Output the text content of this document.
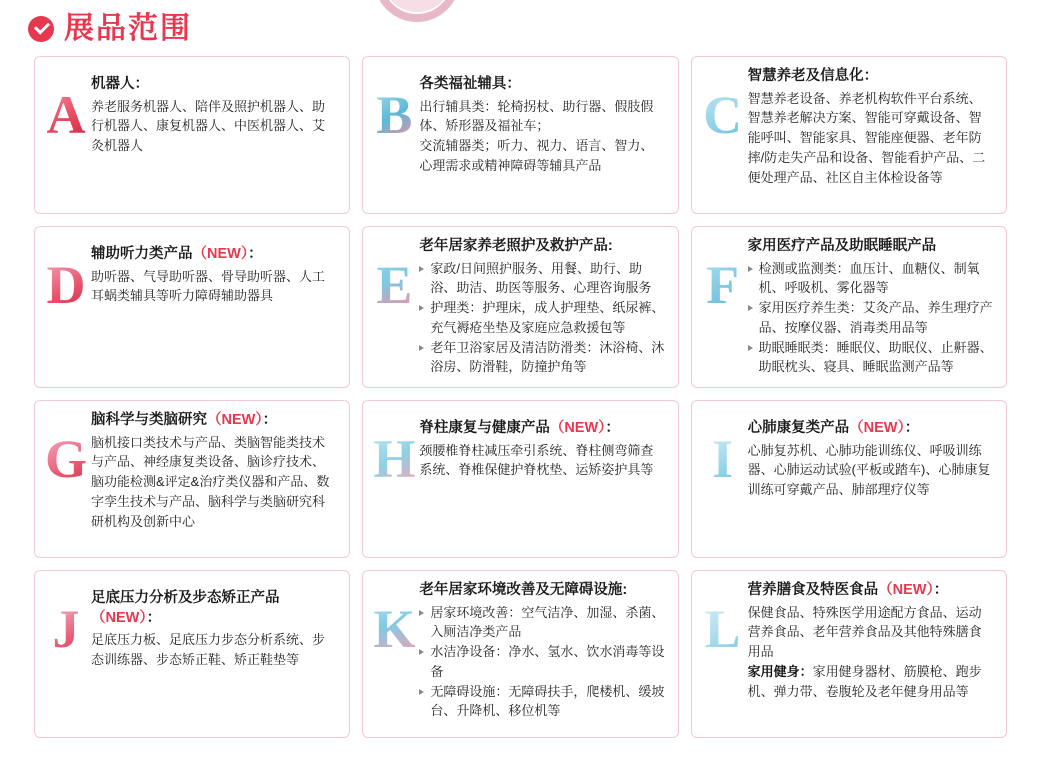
展品范围
A
机器人：

养老服务机器人、陪伴及照护机器人、助行机器人、康复机器人、中医机器人、艾灸机器人

B
各类福祉辅具：

出行辅具类：轮椅拐杖、助行器、假肢假体、矫形器及福祉车；

交流辅器类；听力、视力、语言、智力、心理需求或精神障碍等辅具产品

C
智慧养老及信息化：

智慧养老设备、养老机构软件平台系统、智慧养老解决方案、智能可穿戴设备、智能呼叫、智能家具、智能座便器、老年防摔/防走失产品和设备、智能看护产品、二便处理产品、社区自主体检设备等

D
辅助听力类产品（NEW）：

助听器、气导助听器、骨导助听器、人工耳蜗类辅具等听力障碍辅助器具	E
老年居家养老照护及救护产品:

家政/日间照护服务、用餐、助行、助浴、助洁、助医等服务、心理咨询服务

护理类：护理床，成人护理垫、纸尿裤、充气褥疮坐垫及家庭应急救援包等

老年卫浴家居及清洁防滑类：沐浴椅、沐浴房、防滑鞋，防撞护角等

F
家用医疗产品及助眠睡眠产品

检测或监测类：血压计、血糖仪、制氧机、呼吸机、雾化器等

家用医疗养生类：艾灸产品、养生理疗产品、按摩仪器、消毒类用品等

助眠睡眠类：睡眠仪、助眠仪、止鼾器、助眠枕头、寝具、睡眠监测产品等

G
脑科学与类脑研究（NEW）：

脑机接口类技术与产品、类脑智能类技术与产品、神经康复类设备、脑诊疗技术、脑功能检测&评定&治疗类仪器和产品、数字孪生技术与产品、脑科学与类脑研究科研机构及创新中心

H
脊柱康复与健康产品（NEW）：

颈腰椎脊柱减压牵引系统、脊柱侧弯筛查系统、脊椎保健护脊枕垫、运矫姿护具等 I
心肺康复类产品（NEW）：

心肺复苏机、心肺功能训练仪、呼吸训练器、心肺运动试验(平板或踏车)、心肺康复训练可穿戴产品、肺部理疗仪等

J
足底压力分析及步态矫正产品（NEW）：

足底压力板、足底压力步态分析系统、步态训练器、步态矫正鞋、矫正鞋垫等

K
老年居家环境改善及无障碍设施:

居家环境改善：空气洁净、加湿、杀菌、入厕洁净类产品

水洁净设备：净水、氢水、饮水消毒等设备

无障碍设施：无障碍扶手，爬楼机、缓坡台、升降机、移位机等

L
营养膳食及特医食品（NEW）：

保健食品、特殊医学用途配方食品、运动营养食品、老年营养食品及其他特殊膳食用品

家用健身：家用健身器材、筋膜枪、跑步机、弹力带、卷腹轮及老年健身用品等
